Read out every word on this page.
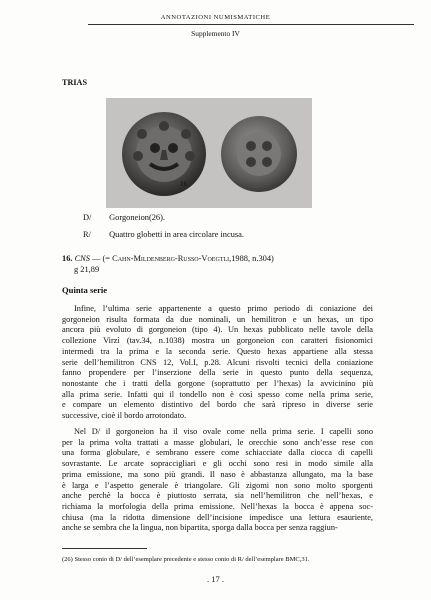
ANNOTAZIONI NUMISMATICHE
Supplemento IV
TRIAS
16
D/ Gorgoneion(26).
R/ Quattro globetti in area circolare incusa.
16. CNS — (= Cahn-Mildenberg-Russo-Voegtli,1988, n.304)
g 21,89
Quinta serie
Infine, l’ultima serie appartenente a questo primo periodo di coniazione dei
gorgoneion risulta formata da due nominali, un hemilitron e un hexas, un tipo
ancora più evoluto di gorgoneion (tipo 4). Un hexas pubblicato nelle tavole della
collezione Virzì (tav.34, n.1038) mostra un gorgoneion con caratteri fisionomici
intermedi tra la prima e la seconda serie. Questo hexas appartiene alla stessa
serie dell’hemilitron CNS 12, Vol.I, p.28. Alcuni risvolti tecnici della coniazione
fanno propendere per l’inserzione della serie in questo punto della sequenza,
nonostante che i tratti della gorgone (soprattutto per l’hexas) la avvicinino più
alla prima serie. Infatti qui il tondello non è così spesso come nella prima serie,
e compare un elemento distintivo del bordo che sarà ripreso in diverse serie
successive, cioè il bordo arrotondato.
Nel D/ il gorgoneion ha il viso ovale come nella prima serie. I capelli sono
per la prima volta trattati a masse globulari, le orecchie sono anch’esse rese con
una forma globulare, e sembrano essere come schiacciate dalla ciocca di capelli
sovrastante. Le arcate sopraccigliari e gli occhi sono resi in modo simile alla
prima emissione, ma sono più grandi. Il naso è abbastanza allungato, ma la base
è larga e l’aspetto generale è triangolare. Gli zigomi non sono molto sporgenti
anche perchè la bocca è piuttosto serrata, sia nell’hemilitron che nell’hexas, e
richiama la morfologia della prima emissione. Nell’hexas la bocca è appena soc-
chiusa (ma la ridotta dimensione dell’incisione impedisce una lettura esauriente,
anche se sembra che la lingua, non bipartita, sporga dalla bocca per senza raggiun-
(26) Stesso conio di D/ dell’esemplare precedente e stesso conio di R/ dell’esemplare BMC,31.
. 17 .
